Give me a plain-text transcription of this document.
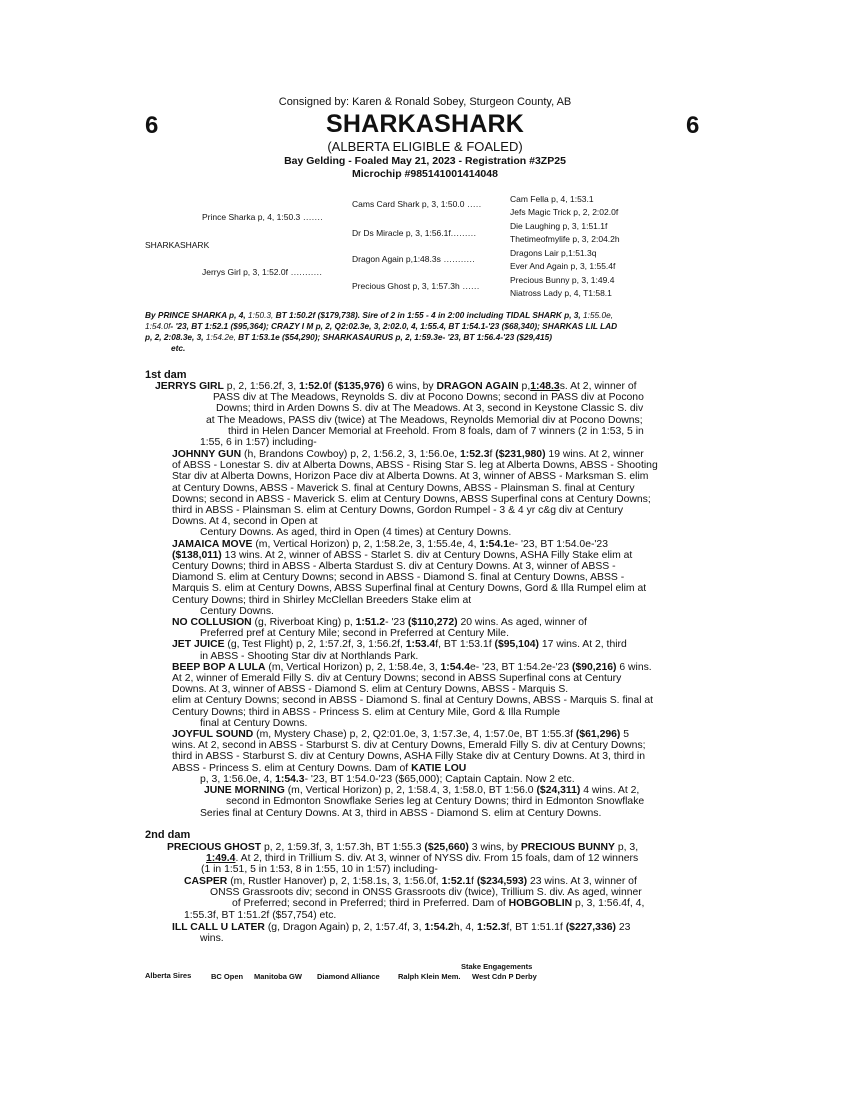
Consigned by: Karen & Ronald Sobey, Sturgeon County, AB
6	6
SHARKASHARK
(ALBERTA ELIGIBLE & FOALED)
Bay Gelding - Foaled May 21, 2023 - Registration #3ZP25
Microchip #985141001414048
SHARKASHARK
Prince Sharka p, 4, 1:50.3 .......
Jerrys Girl p, 3, 1:52.0f ...........
Cams Card Shark p, 3, 1:50.0 .....
Dr Ds Miracle p, 3, 1:56.1f.........
Dragon Again p,1:48.3s ...........
Precious Ghost p, 3, 1:57.3h ......
Cam Fella p, 4, 1:53.1
Jefs Magic Trick p, 2, 2:02.0f
Die Laughing p, 3, 1:51.1f
Thetimeofmylife p, 3, 2:04.2h
Dragons Lair p,1:51.3q
Ever And Again p, 3, 1:55.4f
Precious Bunny p, 3, 1:49.4
Niatross Lady p, 4, T1:58.1
By PRINCE SHARKA p, 4, 1:50.3, BT 1:50.2f ($179,738). Sire of 2 in 1:55 - 4 in 2:00 including TIDAL SHARK p, 3, 1:55.0e,
1:54.0f- '23, BT 1:52.1 ($95,364); CRAZY I M p, 2, Q2:02.3e, 3, 2:02.0, 4, 1:55.4, BT 1:54.1-'23 ($68,340); SHARKAS LIL LAD
p, 2, 2:08.3e, 3, 1:54.2e, BT 1:53.1e ($54,290); SHARKASAURUS p, 2, 1:59.3e- '23, BT 1:56.4-'23 ($29,415)
etc.
1st dam
JERRYS GIRL p, 2, 1:56.2f, 3, 1:52.0f ($135,976) 6 wins, by DRAGON AGAIN p,1:48.3s. At 2, winner of
PASS div at The Meadows, Reynolds S. div at Pocono Downs; second in PASS div at Pocono
Downs; third in Arden Downs S. div at The Meadows. At 3, second in Keystone Classic S. div
at The Meadows, PASS div (twice) at The Meadows, Reynolds Memorial div at Pocono Downs;
third in Helen Dancer Memorial at Freehold. From 8 foals, dam of 7 winners (2 in 1:53, 5 in
1:55, 6 in 1:57) including-
JOHNNY GUN (h, Brandons Cowboy) p, 2, 1:56.2, 3, 1:56.0e, 1:52.3f ($231,980) 19 wins. At 2, winner
of ABSS - Lonestar S. div at Alberta Downs, ABSS - Rising Star S. leg at Alberta Downs, ABSS - Shooting
Star div at Alberta Downs, Horizon Pace div at Alberta Downs. At 3, winner of ABSS - Marksman S. elim
at Century Downs, ABSS - Maverick S. final at Century Downs, ABSS - Plainsman S. final at Century
Downs; second in ABSS - Maverick S. elim at Century Downs, ABSS Superfinal cons at Century Downs;
third in ABSS - Plainsman S. elim at Century Downs, Gordon Rumpel - 3 & 4 yr c&g div at Century
Downs. At 4, second in Open at
Century Downs. As aged, third in Open (4 times) at Century Downs.
JAMAICA MOVE (m, Vertical Horizon) p, 2, 1:58.2e, 3, 1:55.4e, 4, 1:54.1e- '23, BT 1:54.0e-'23
($138,011) 13 wins. At 2, winner of ABSS - Starlet S. div at Century Downs, ASHA Filly Stake elim at
Century Downs; third in ABSS - Alberta Stardust S. div at Century Downs. At 3, winner of ABSS -
Diamond S. elim at Century Downs; second in ABSS - Diamond S. final at Century Downs, ABSS -
Marquis S. elim at Century Downs, ABSS Superfinal final at Century Downs, Gord & Illa Rumpel elim at
Century Downs; third in Shirley McClellan Breeders Stake elim at
Century Downs.
NO COLLUSION (g, Riverboat King) p, 1:51.2- '23 ($110,272) 20 wins. As aged, winner of
Preferred pref at Century Mile; second in Preferred at Century Mile.
JET JUICE (g, Test Flight) p, 2, 1:57.2f, 3, 1:56.2f, 1:53.4f, BT 1:53.1f ($95,104) 17 wins. At 2, third
in ABSS - Shooting Star div at Northlands Park.
BEEP BOP A LULA (m, Vertical Horizon) p, 2, 1:58.4e, 3, 1:54.4e- '23, BT 1:54.2e-'23 ($90,216) 6 wins.
At 2, winner of Emerald Filly S. div at Century Downs; second in ABSS Superfinal cons at Century
Downs. At 3, winner of ABSS - Diamond S. elim at Century Downs, ABSS - Marquis S.
elim at Century Downs; second in ABSS - Diamond S. final at Century Downs, ABSS - Marquis S. final at
Century Downs; third in ABSS - Princess S. elim at Century Mile, Gord & Illa Rumple
final at Century Downs.
JOYFUL SOUND (m, Mystery Chase) p, 2, Q2:01.0e, 3, 1:57.3e, 4, 1:57.0e, BT 1:55.3f ($61,296) 5
wins. At 2, second in ABSS - Starburst S. div at Century Downs, Emerald Filly S. div at Century Downs;
third in ABSS - Starburst S. div at Century Downs, ASHA Filly Stake div at Century Downs. At 3, third in
ABSS - Princess S. elim at Century Downs. Dam of KATIE LOU
p, 3, 1:56.0e, 4, 1:54.3- '23, BT 1:54.0-'23 ($65,000); Captain Captain. Now 2 etc.
JUNE MORNING (m, Vertical Horizon) p, 2, 1:58.4, 3, 1:58.0, BT 1:56.0 ($24,311) 4 wins. At 2,
second in Edmonton Snowflake Series leg at Century Downs; third in Edmonton Snowflake
Series final at Century Downs. At 3, third in ABSS - Diamond S. elim at Century Downs.
2nd dam
PRECIOUS GHOST p, 2, 1:59.3f, 3, 1:57.3h, BT 1:55.3 ($25,660) 3 wins, by PRECIOUS BUNNY p, 3,
1:49.4. At 2, third in Trillium S. div. At 3, winner of NYSS div. From 15 foals, dam of 12 winners
(1 in 1:51, 5 in 1:53, 8 in 1:55, 10 in 1:57) including-
CASPER (m, Rustler Hanover) p, 2, 1:58.1s, 3, 1:56.0f, 1:52.1f ($234,593) 23 wins. At 3, winner of
ONSS Grassroots div; second in ONSS Grassroots div (twice), Trillium S. div. As aged, winner
of Preferred; second in Preferred; third in Preferred. Dam of HOBGOBLIN p, 3, 1:56.4f, 4,
1:55.3f, BT 1:51.2f ($57,754) etc.
ILL CALL U LATER (g, Dragon Again) p, 2, 1:57.4f, 3, 1:54.2h, 4, 1:52.3f, BT 1:51.1f ($227,336) 23
wins.
Stake Engagements
Alberta Sires	BC Open Manitoba GW Diamond Alliance Ralph Klein Mem. West Cdn P Derby
